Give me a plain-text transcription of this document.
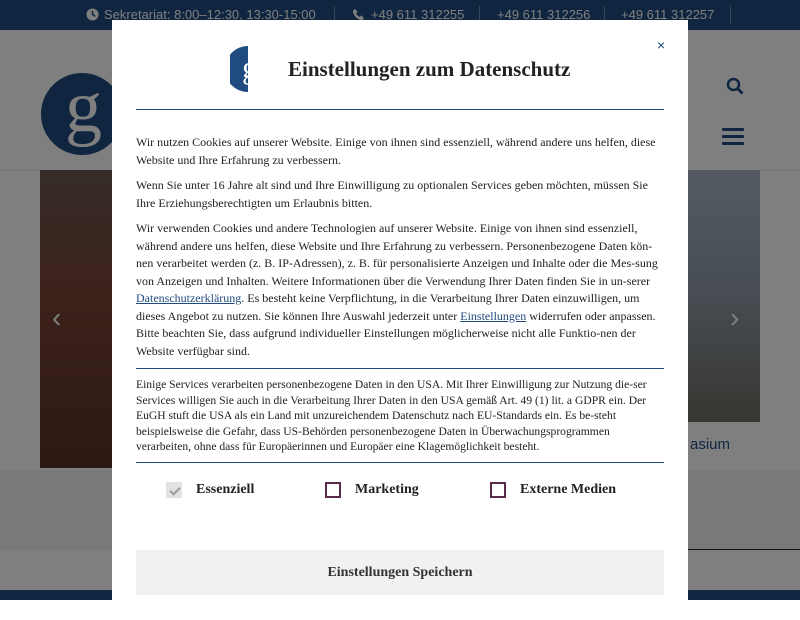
×
g Einstellungen zum Datenschutz

Wir nutzen Cookies auf unserer Website. Einige von ihnen sind essenziell, während andere uns helfen, diese Website und Ihre Erfahrung zu verbessern.

Wenn Sie unter 16 Jahre alt sind und Ihre Einwilligung zu optionalen Services geben möchten, müssen Sie Ihre Erziehungsberechtigten um Erlaubnis bitten.

Wir verwenden Cookies und andere Technologien auf unserer Website. Einige von ihnen sind essenziell, während andere uns helfen, diese Website und Ihre Erfahrung zu verbessern. Personenbezogene Daten kön-nen verarbeitet werden (z. B. IP-Adressen), z. B. für personalisierte Anzeigen und Inhalte oder die Mes-sung von Anzeigen und Inhalten. Weitere Informationen über die Verwendung Ihrer Daten finden Sie in un-serer Datenschutzerklärung. Es besteht keine Verpflichtung, in die Verarbeitung Ihrer Daten einzuwilligen, um dieses Angebot zu nutzen. Sie können Ihre Auswahl jederzeit unter Einstellungen widerrufen oder anpassen. Bitte beachten Sie, dass aufgrund individueller Einstellungen möglicherweise nicht alle Funktio-nen der Website verfügbar sind.

Einige Services verarbeiten personenbezogene Daten in den USA. Mit Ihrer Einwilligung zur Nutzung die-ser Services willigen Sie auch in die Verarbeitung Ihrer Daten in den USA gemäß Art. 49 (1) lit. a GDPR ein. Der EuGH stuft die USA als ein Land mit unzureichendem Datenschutz nach EU-Standards ein. Es be-steht beispielsweise die Gefahr, dass US-Behörden personenbezogene Daten in Überwachungsprogrammen verarbeiten, ohne dass für Europäerinnen und Europäer eine Klagemöglichkeit besteht.

Essenziell	Marketing	Externe Medien
Einstellungen Speichern
